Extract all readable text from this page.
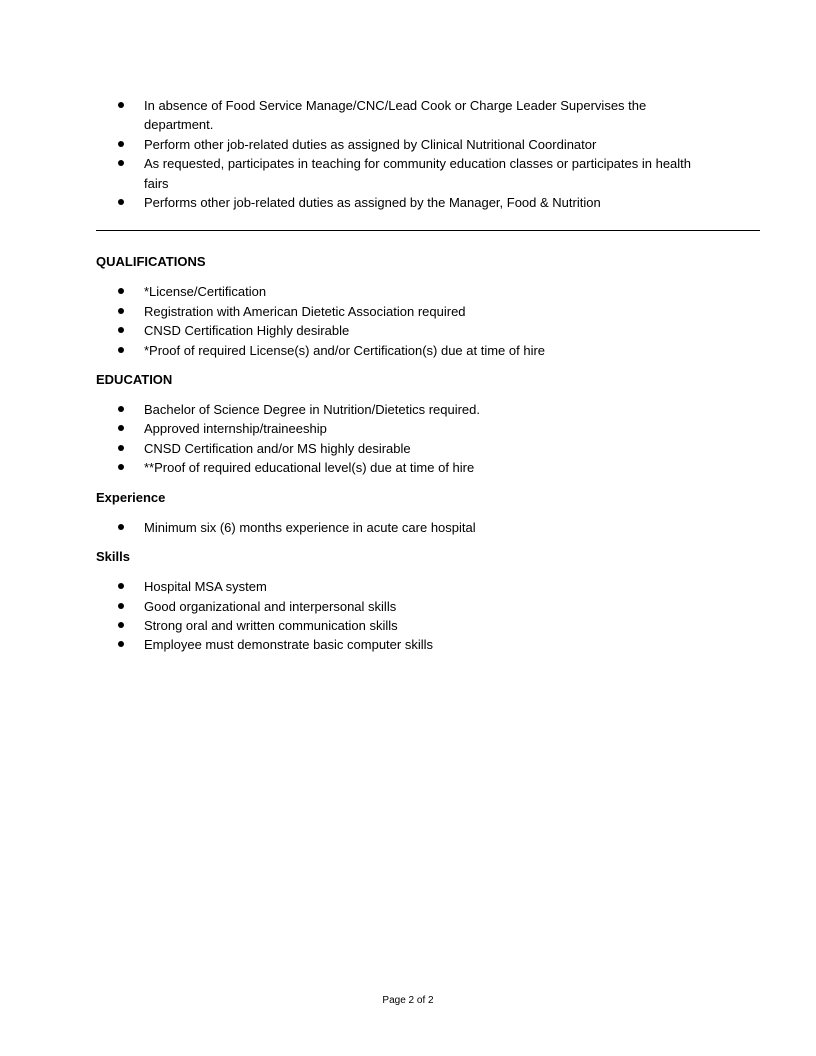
In absence of Food Service Manage/CNC/Lead Cook or Charge Leader Supervises the department.
Perform other job-related duties as assigned by Clinical Nutritional Coordinator
As requested, participates in teaching for community education classes or participates in health fairs
Performs other job-related duties as assigned by the Manager, Food & Nutrition
QUALIFICATIONS
*License/Certification
Registration with American Dietetic Association required
CNSD Certification Highly desirable
*Proof of required License(s) and/or Certification(s) due at time of hire
EDUCATION
Bachelor of Science Degree in Nutrition/Dietetics required.
Approved internship/traineeship
CNSD Certification and/or MS highly desirable
**Proof of required educational level(s) due at time of hire
Experience
Minimum six (6) months experience in acute care hospital
Skills
Hospital MSA system
Good organizational and interpersonal skills
Strong oral and written communication skills
Employee must demonstrate basic computer skills
Page 2 of 2
